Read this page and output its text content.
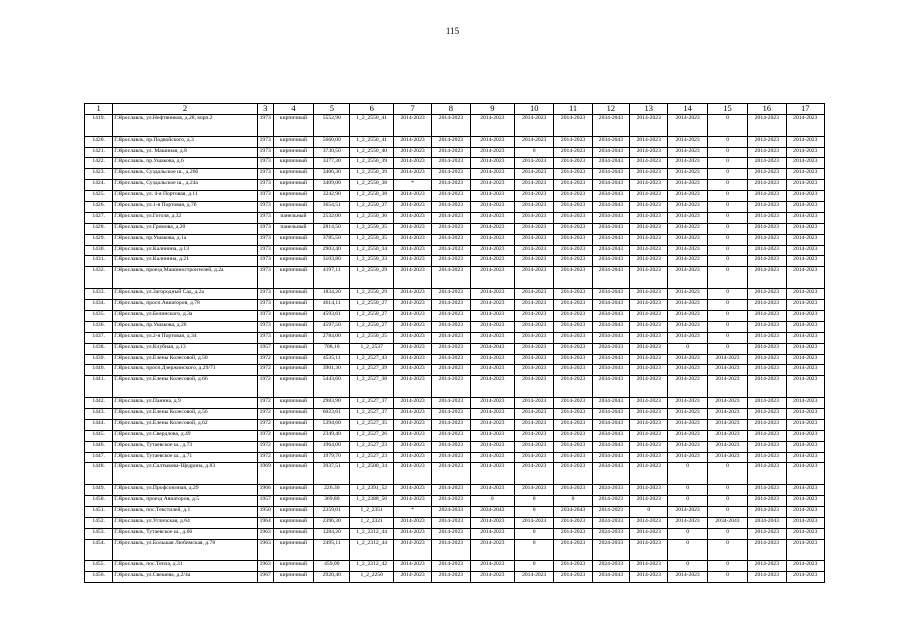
115
1	2	3	4	5	6	7	8	9	10	11	12	13	14	15	16	17
1419.	Г.Ярославль, ул.Нефтяников, д.28, корп.2	1973	кирпичный	5552,90	1_2_2550_41	2014-2023	2014-2023	2014-2023	2014-2023	2014-2023	2034-2043	2014-2023	2014-2023	0	2014-2023	2014-2023
1420.	Г.Ярославль, пр.Подвойского, д.3	1973	кирпичный	5660,00	1_2_2550_41	2014-2023	2014-2023	2014-2023	2014-2023	2014-2023	2034-2043	2014-2023	2014-2023	0	2014-2023	2014-2023
1421.	Г.Ярославль, ул. Машиная, д.8	1973	кирпичный	3730,50	1_2_2550_40	2014-2023	2014-2023	2014-2023	0	2014-2023	2034-2043	2014-2023	2014-2023	0	2014-2023	2014-2023
1422.	Г.Ярославль, пр.Ушакова, д.6	1973	кирпичный	3377,30	1_2_2550_39	2014-2023	2014-2023	2014-2023	2014-2023	2014-2023	2034-2043	2014-2023	2014-2023	0	2014-2023	2014-2023
1423.	Г.Ярославль, Суздальское ш., д.26б	1973	кирпичный	3406,30	1_2_2550_39	2014-2023	2014-2023	2014-2023	2014-2023	2014-2023	2034-2043	2014-2023	2014-2023	0	2014-2023	2014-2023
1424.	Г.Ярославль, Суздальское ш., д.24а	1973	кирпичный	3409,00	1_2_2550_38	*	2014-2023	2014-2023	2014-2023	2014-2023	2034-2043	2014-2023	2014-2023	0	2014-2023	2014-2023
1425.	Г.Ярославль, ул. 4-я Портовая, д.11	1973	кирпичный	3242,90	1_2_2550_38	2014-2023	2014-2023	2014-2023	2014-2023	2014-2023	2034-2043	2014-2023	2014-2023	0	2014-2023	2014-2023
1426.	Г.Ярославль, ул.1-я Портовая, д.7б	1973	кирпичный	3654,51	1_2_2550_37	2014-2023	2014-2023	2014-2023	2014-2023	2014-2023	2034-2043	2014-2023	2014-2023	0	2014-2023	2014-2023
1427.	Г.Ярославль, ул.Гоголя, д.32	1973	панельный	2532,00	1_2_2550_36	2014-2023	2014-2023	2014-2023	2014-2023	2014-2023	2034-2043	2014-2023	2014-2023	0	2014-2023	2014-2023
1428.	Г.Ярославль, ул.Громова, д.20	1973	панельный	2814,50	1_2_2550_35	2014-2023	2014-2023	2014-2023	2014-2023	2014-2023	2034-2043	2014-2023	2014-2023	0	2014-2023	2014-2023
1429.	Г.Ярославль, пр.Ушакова, д.1а	1973	кирпичный	3785,50	1_2_2550_35	2014-2023	2014-2023	2014-2023	2014-2023	2014-2023	2034-2043	2014-2023	2014-2023	0	2014-2023	2014-2023
1430.	Г.Ярославль, ул.Калинина, д.13	1973	кирпичный	2903,40	1_2_2550_34	2014-2023	2014-2023	2014-2023	2014-2023	2014-2023	2034-2043	2014-2023	2014-2023	0	2014-2023	2014-2023
1431.	Г.Ярославль, ул.Калинина, д.21	1973	кирпичный	3103,80	1_2_2550_33	2014-2023	2014-2023	2014-2023	2014-2023	2014-2023	2034-2043	2014-2023	2014-2023	0	2014-2023	2014-2023
1432.	Г.Ярославль, проезд Машиностроителей, д.2а	1973	кирпичный	4197,11	1_2_2550_29	2014-2023	2014-2023	2014-2023	2014-2023	2014-2023	2034-2043	2014-2023	2014-2023	0	2014-2023	2014-2023
1433.	Г.Ярославль, ул.Загородный Сад, д.2а	1973	кирпичный	1834,20	1_2_2550_29	2014-2023	2014-2023	2014-2023	2014-2023	2014-2023	2034-2043	2014-2023	2014-2023	0	2014-2023	2014-2023
1434.	Г.Ярославль, просп.Авиаторов, д.78	1973	кирпичный	4614,11	1_2_2550_27	2014-2023	2014-2023	2014-2023	2014-2023	2014-2023	2034-2043	2014-2023	2014-2023	0	2014-2023	2014-2023
1435.	Г.Ярославль, ул.Белинского, д.3а	1973	кирпичный	4593,61	1_2_2550_27	2014-2023	2014-2023	2014-2023	2014-2023	2014-2023	2034-2043	2014-2023	2014-2023	0	2014-2023	2014-2023
1436.	Г.Ярославль, пр.Ушакова, д.26	1973	кирпичный	4597,50	1_2_2550_27	2014-2023	2014-2023	2014-2023	2014-2023	2014-2023	2034-2043	2014-2023	2014-2023	0	2014-2023	2014-2023
1437.	Г.Ярославль, ул.2-я Портовая, д.34	1973	кирпичный	2784,00	1_2_2550_25	2014-2023	2014-2023	2014-2023	2014-2023	2014-2023	2034-2043	2014-2023	2014-2023	0	2014-2023	2014-2023
1438.	Г.Ярославль, ул.Клубная, д.13	1957	кирпичный	708,10	1_2_2537	2014-2023	2014-2023	2034-2043	2014-2023	2014-2023	2024-2033	2014-2023	0	0	2014-2023	2014-2023
1439.	Г.Ярославль, ул.Елены Колесовой, д.50	1972	кирпичный	4535,11	1_2_2527_43	2014-2023	2014-2023	2014-2023	2014-2023	2014-2023	2034-2043	2014-2023	2014-2023	2014-2023	2014-2023	2014-2023
1440.	Г.Ярославль, просп.Дзержинского, д.29/71	1972	кирпичный	3901,30	1_2_2527_39	2014-2023	2014-2023	2014-2023	2014-2023	2014-2023	2034-2043	2014-2023	2014-2023	2014-2023	2014-2023	2014-2023
1441.	Г.Ярославль, ул.Елены Колесовой, д.66	1972	кирпичный	5443,60	1_2_2527_38	2014-2023	2014-2023	2014-2023	2014-2023	2014-2023	2034-2043	2014-2023	2014-2023	2014-2023	2014-2023	2014-2023
1442.	Г.Ярославль, ул.Панина, д.9	1972	кирпичный	2983,90	1_2_2527_37	2014-2023	2014-2023	2014-2023	2014-2023	2014-2023	2034-2043	2014-2023	2014-2023	2014-2023	2014-2023	2014-2023
1443.	Г.Ярославль, ул.Елены Колесовой, д.56	1972	кирпичный	6023,61	1_2_2527_37	2014-2023	2014-2023	2014-2023	2014-2023	2014-2023	2034-2043	2014-2023	2014-2023	2014-2023	2014-2023	2014-2023
1444.	Г.Ярославль, ул.Елены Колесовой, д.62	1972	кирпичный	5394,60	1_2_2527_35	2014-2023	2014-2023	2014-2023	2014-2023	2014-2023	2034-2043	2014-2023	2014-2023	2014-2023	2014-2023	2014-2023
1445.	Г.Ярославль, ул.Свердлова, д.49	1972	кирпичный	2349,40	1_2_2527_26	2014-2023	2014-2023	2014-2023	2014-2023	2014-2023	2034-2043	2014-2023	2014-2023	2014-2023	2014-2023	2014-2023
1446.	Г.Ярославль, Тутаевское ш., д.73	1972	кирпичный	1964,00	1_2_2527_23	2014-2023	2014-2023	2014-2023	2014-2023	2014-2023	2034-2043	2014-2023	2014-2023	2014-2023	2014-2023	2014-2023
1447.	Г.Ярославль, Тутаевское ш., д.71	1972	кирпичный	1979,70	1_2_2527_23	2014-2023	2014-2023	2014-2023	2014-2023	2014-2023	2034-2043	2014-2023	2014-2023	2014-2023	2014-2023	2014-2023
1448.	Г.Ярославль, ул.Салтыкова-Щедрина, д.83	1969	кирпичный	3937,51	1_2_2500_34	2014-2023	2014-2023	2014-2023	2014-2023	2014-2023	2034-2043	2014-2023	0	0	2014-2023	2014-2023
1449.	Г.Ярославль, ул.Профсоюзная, д.29	1966	кирпичный	226,30	1_2_2391_52	2014-2023	2014-2023	2014-2023	2014-2023	2014-2023	2024-2033	2014-2023	0	0	2014-2023	2014-2023
1450.	Г.Ярославль, проезд Авиаторов, д.5	1957	кирпичный	369,80	1_2_2388_56	2014-2023	2014-2023	0	0	0	2014-2023	2014-2023	0	0	2014-2023	2014-2023
1451.	Г.Ярославль, пос.Текстилей, д.1	1950	кирпичный	2359,01	1_2_2351	*	2024-2033	2034-2043	0	2034-2043	2014-2023	0	2014-2023	0	2014-2023	2014-2023
1452.	Г.Ярославль, ул.Угличская, д.64	1964	кирпичный	2396,30	1_2_2321	2014-2023	2014-2023	2014-2023	2014-2023	2014-2023	2024-2033	2014-2023	2014-2023	2034-2043	2034-2043	2014-2023
1453.	Г.Ярославль, Тутаевское ш., д.66	1963	кирпичный	1284,20	1_2_2312_44	2014-2023	2014-2023	2014-2023	0	2014-2023	2024-2033	2014-2023	0	0	2014-2023	2014-2023
1454.	Г.Ярославль, ул.Большая Любимская, д.78	1963	кирпичный	2495,11	1_2_2312_44	2014-2023	2014-2023	2014-2023	0	2014-2023	2024-2033	2014-2023	0	0	2014-2023	2014-2023
1455.	Г.Ярославль, пос.Тепла, д.31	1963	кирпичный	459,00	1_2_2312_42	2014-2023	2014-2023	2014-2023	0	2014-2023	2024-2033	2014-2023	0	0	2014-2023	2014-2023
1456.	Г.Ярославль, ул.Свешева, д.2/4а	1967	кирпичный	2920,40	1_2_2250	2014-2023	2014-2023	2014-2023	2014-2023	2014-2023	2034-2043	2014-2023	2014-2023	0	2014-2023	2014-2023
